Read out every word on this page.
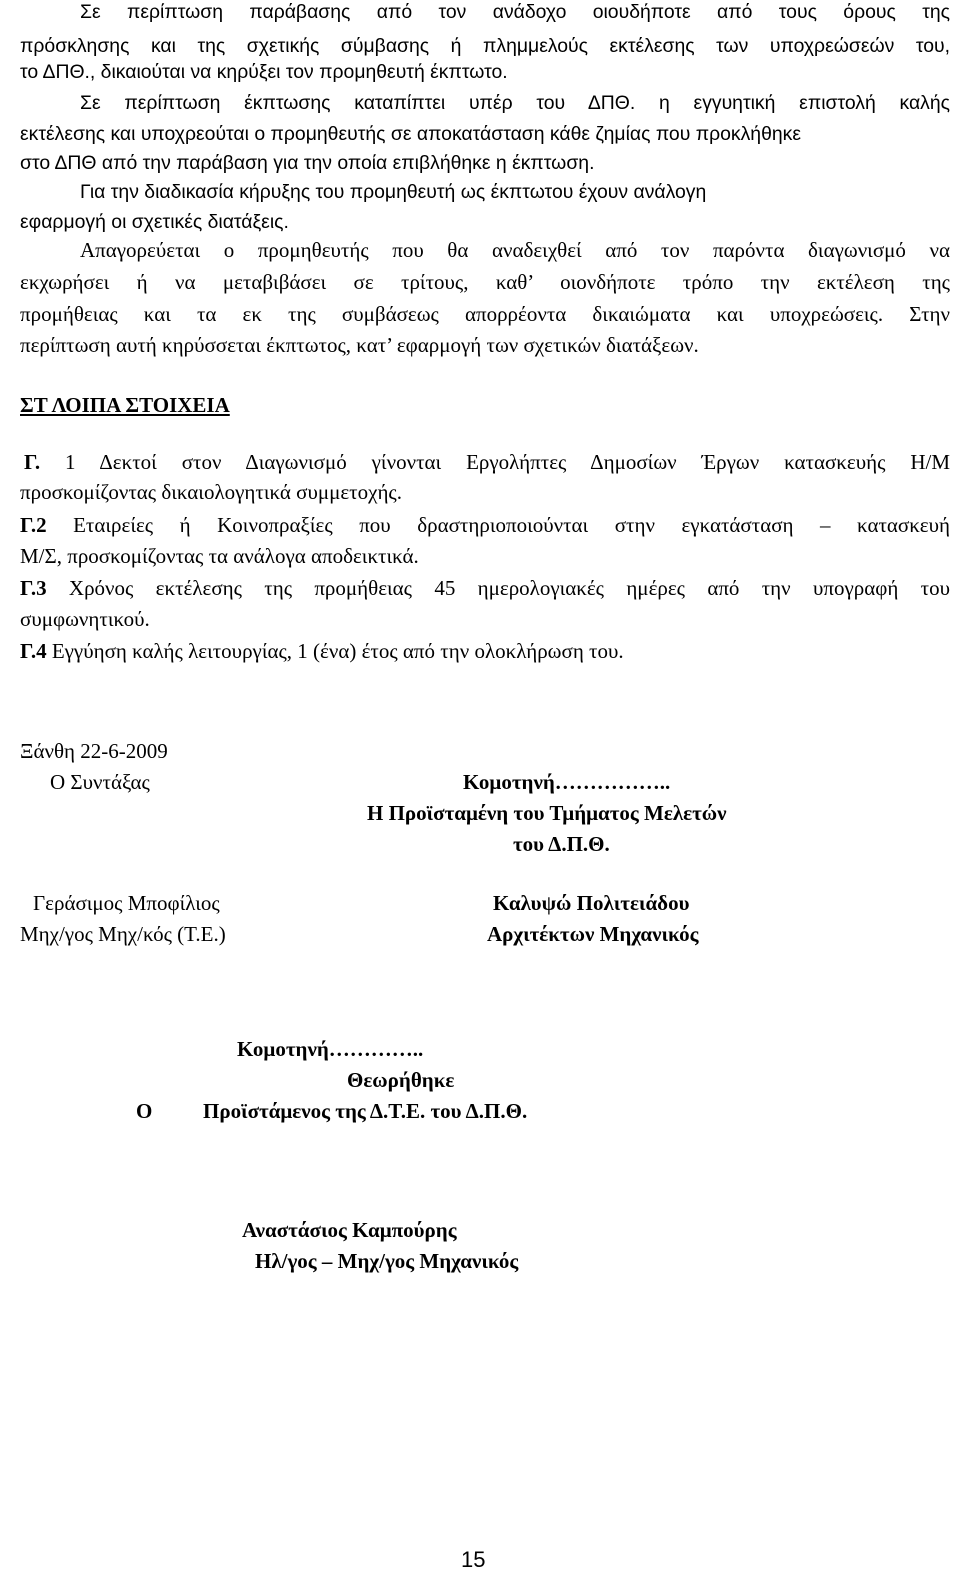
Σε περίπτωση παράβασης από τον ανάδοχο οιουδήποτε από τους όρους της
πρόσκλησης και της σχετικής σύμβασης ή πλημμελούς εκτέλεσης των υποχρεώσεών του,
το ΔΠΘ., δικαιούται να κηρύξει τον προμηθευτή έκπτωτο.
Σε περίπτωση έκπτωσης καταπίπτει υπέρ του ΔΠΘ. η εγγυητική επιστολή καλής
εκτέλεσης και υποχρεούται ο προμηθευτής σε αποκατάσταση κάθε ζημίας που προκλήθηκε
στο ΔΠΘ από την παράβαση για την οποία επιβλήθηκε η έκπτωση.
Για την διαδικασία κήρυξης του προμηθευτή ως έκπτωτου έχουν ανάλογη
εφαρμογή οι σχετικές διατάξεις.
Απαγορεύεται ο προμηθευτής που θα αναδειχθεί από τον παρόντα διαγωνισμό να
εκχωρήσει ή να μεταβιβάσει σε τρίτους, καθ’ οιονδήποτε τρόπο την εκτέλεση της
προμήθειας και τα εκ της συμβάσεως απορρέοντα δικαιώματα και υποχρεώσεις. Στην
περίπτωση αυτή κηρύσσεται έκπτωτος, κατ’ εφαρμογή των σχετικών διατάξεων.
ΣΤ ΛΟΙΠΑ ΣΤΟΙΧΕΙΑ
Γ. 1 Δεκτοί στον Διαγωνισμό γίνονται Εργολήπτες Δημοσίων Έργων κατασκευής Η/Μ
προσκομίζοντας δικαιολογητικά συμμετοχής.
Γ.2 Εταιρείες ή Κοινοπραξίες που δραστηριοποιούνται στην εγκατάσταση – κατασκευή
Μ/Σ, προσκομίζοντας τα ανάλογα αποδεικτικά.
Γ.3 Χρόνος εκτέλεσης της προμήθειας 45 ημερολογιακές ημέρες από την υπογραφή του
συμφωνητικού.
Γ.4 Εγγύηση καλής λειτουργίας, 1 (ένα) έτος από την ολοκλήρωση του.
Ξάνθη 22-6-2009
Ο Συντάξας	Κομοτηνή……………..
Η Προϊσταμένη του Τμήματος Μελετών
του Δ.Π.Θ.
Γεράσιμος Μποφίλιος
Μηχ/γος Μηχ/κός (Τ.Ε.)
Καλυψώ Πολιτειάδου
Αρχιτέκτων Μηχανικός
Κομοτηνή…………..
Θεωρήθηκε
Ο Προϊστάμενος της Δ.Τ.Ε. του Δ.Π.Θ.
Αναστάσιος Καμπούρης
Ηλ/γος – Μηχ/γος Μηχανικός
15
